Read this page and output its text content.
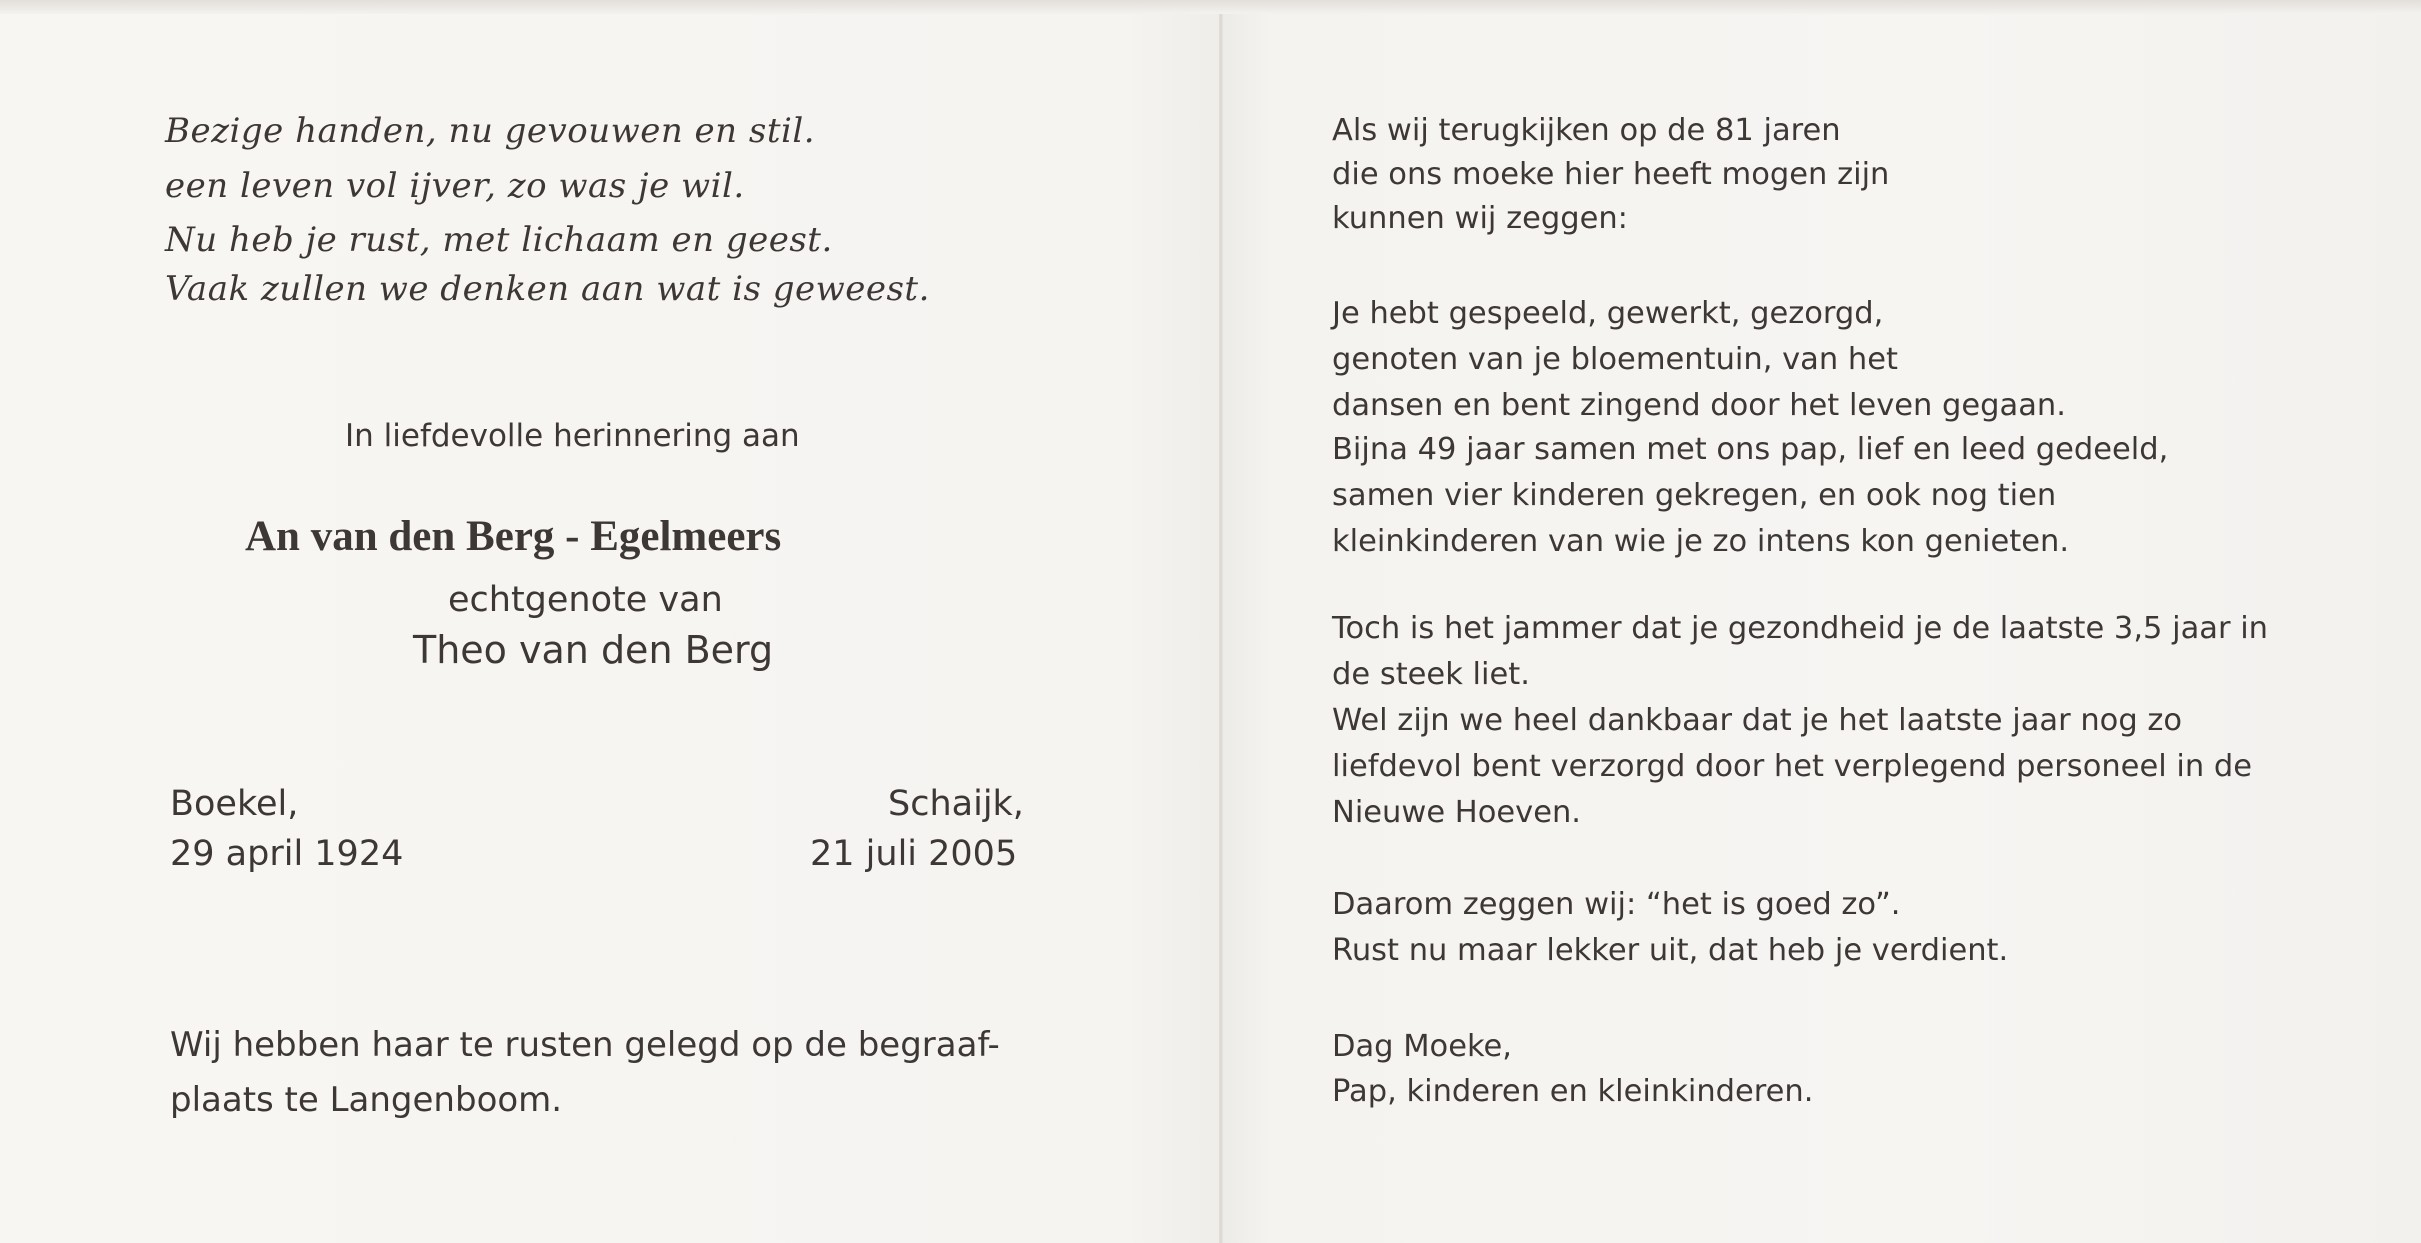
Bezige handen, nu gevouwen en stil.
een leven vol ijver, zo was je wil.
Nu heb je rust, met lichaam en geest.
Vaak zullen we denken aan wat is geweest.
In liefdevolle herinnering aan
An van den Berg - Egelmeers
echtgenote van
Theo van den Berg
Boekel,
29 april 1924
Schaijk,
21 juli 2005
Wij hebben haar te rusten gelegd op de begraaf-
plaats te Langenboom.
Als wij terugkijken op de 81 jaren
die ons moeke hier heeft mogen zijn
kunnen wij zeggen:
Je hebt gespeeld, gewerkt, gezorgd,
genoten van je bloementuin, van het
dansen en bent zingend door het leven gegaan.
Bijna 49 jaar samen met ons pap, lief en leed gedeeld,
samen vier kinderen gekregen, en ook nog tien
kleinkinderen van wie je zo intens kon genieten.
Toch is het jammer dat je gezondheid je de laatste 3,5 jaar in
de steek liet.
Wel zijn we heel dankbaar dat je het laatste jaar nog zo
liefdevol bent verzorgd door het verplegend personeel in de
Nieuwe Hoeven.
Daarom zeggen wij: “het is goed zo”.
Rust nu maar lekker uit, dat heb je verdient.
Dag Moeke,
Pap, kinderen en kleinkinderen.
